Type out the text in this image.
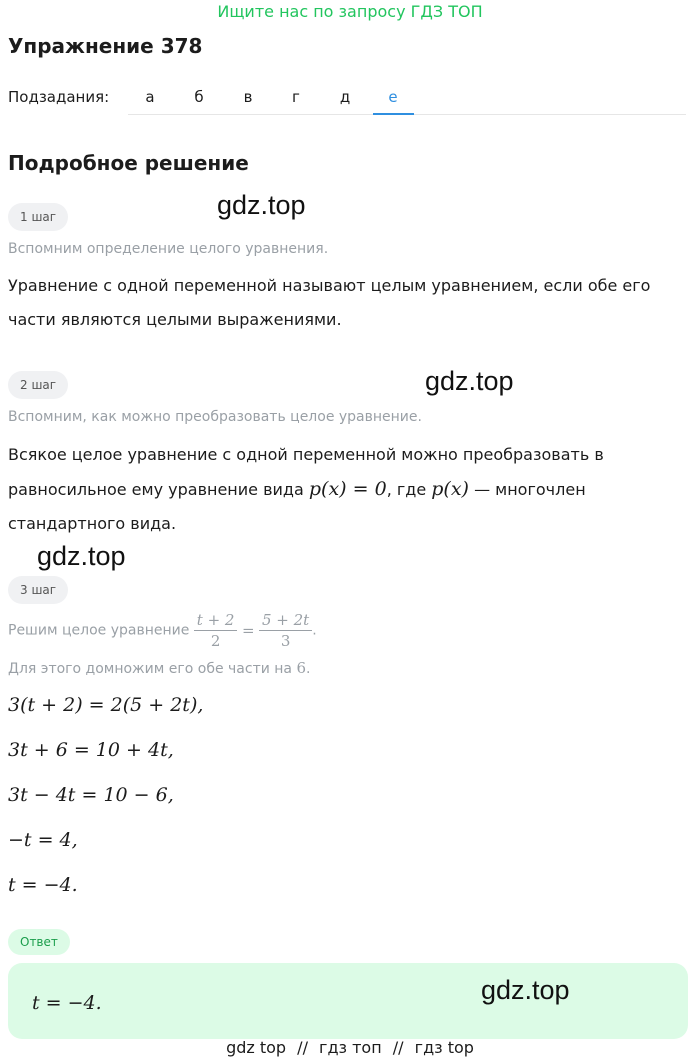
Ищите нас по запросу ГДЗ ТОП
Упражнение 378
Подзадания:	а	б	в	г	д	е
Подробное решение
gdz.top
1 шаг
Вспомним определение целого уравнения.
Уравнение с одной переменной называют целым уравнением, если обе его части являются целыми выражениями.
gdz.top
2 шаг
Вспомним, как можно преобразовать целое уравнение.
Всякое целое уравнение с одной переменной можно преобразовать в равносильное ему уравнение вида p(x) = 0, где p(x) — многочлен стандартного вида.
gdz.top
3 шаг
Решим целое уравнение $\frac{t + 2}{2} = \frac{5 + 2t}{3}$ .
Для этого домножим его обе части на 6.
3(t + 2) = 2(5 + 2t),
3t + 6 = 10 + 4t,
3t − 4t = 10 − 6,
−t = 4,
t = −4.
Ответ
t = −4.	gdz.top
gdz top // гдз топ // гдз top
